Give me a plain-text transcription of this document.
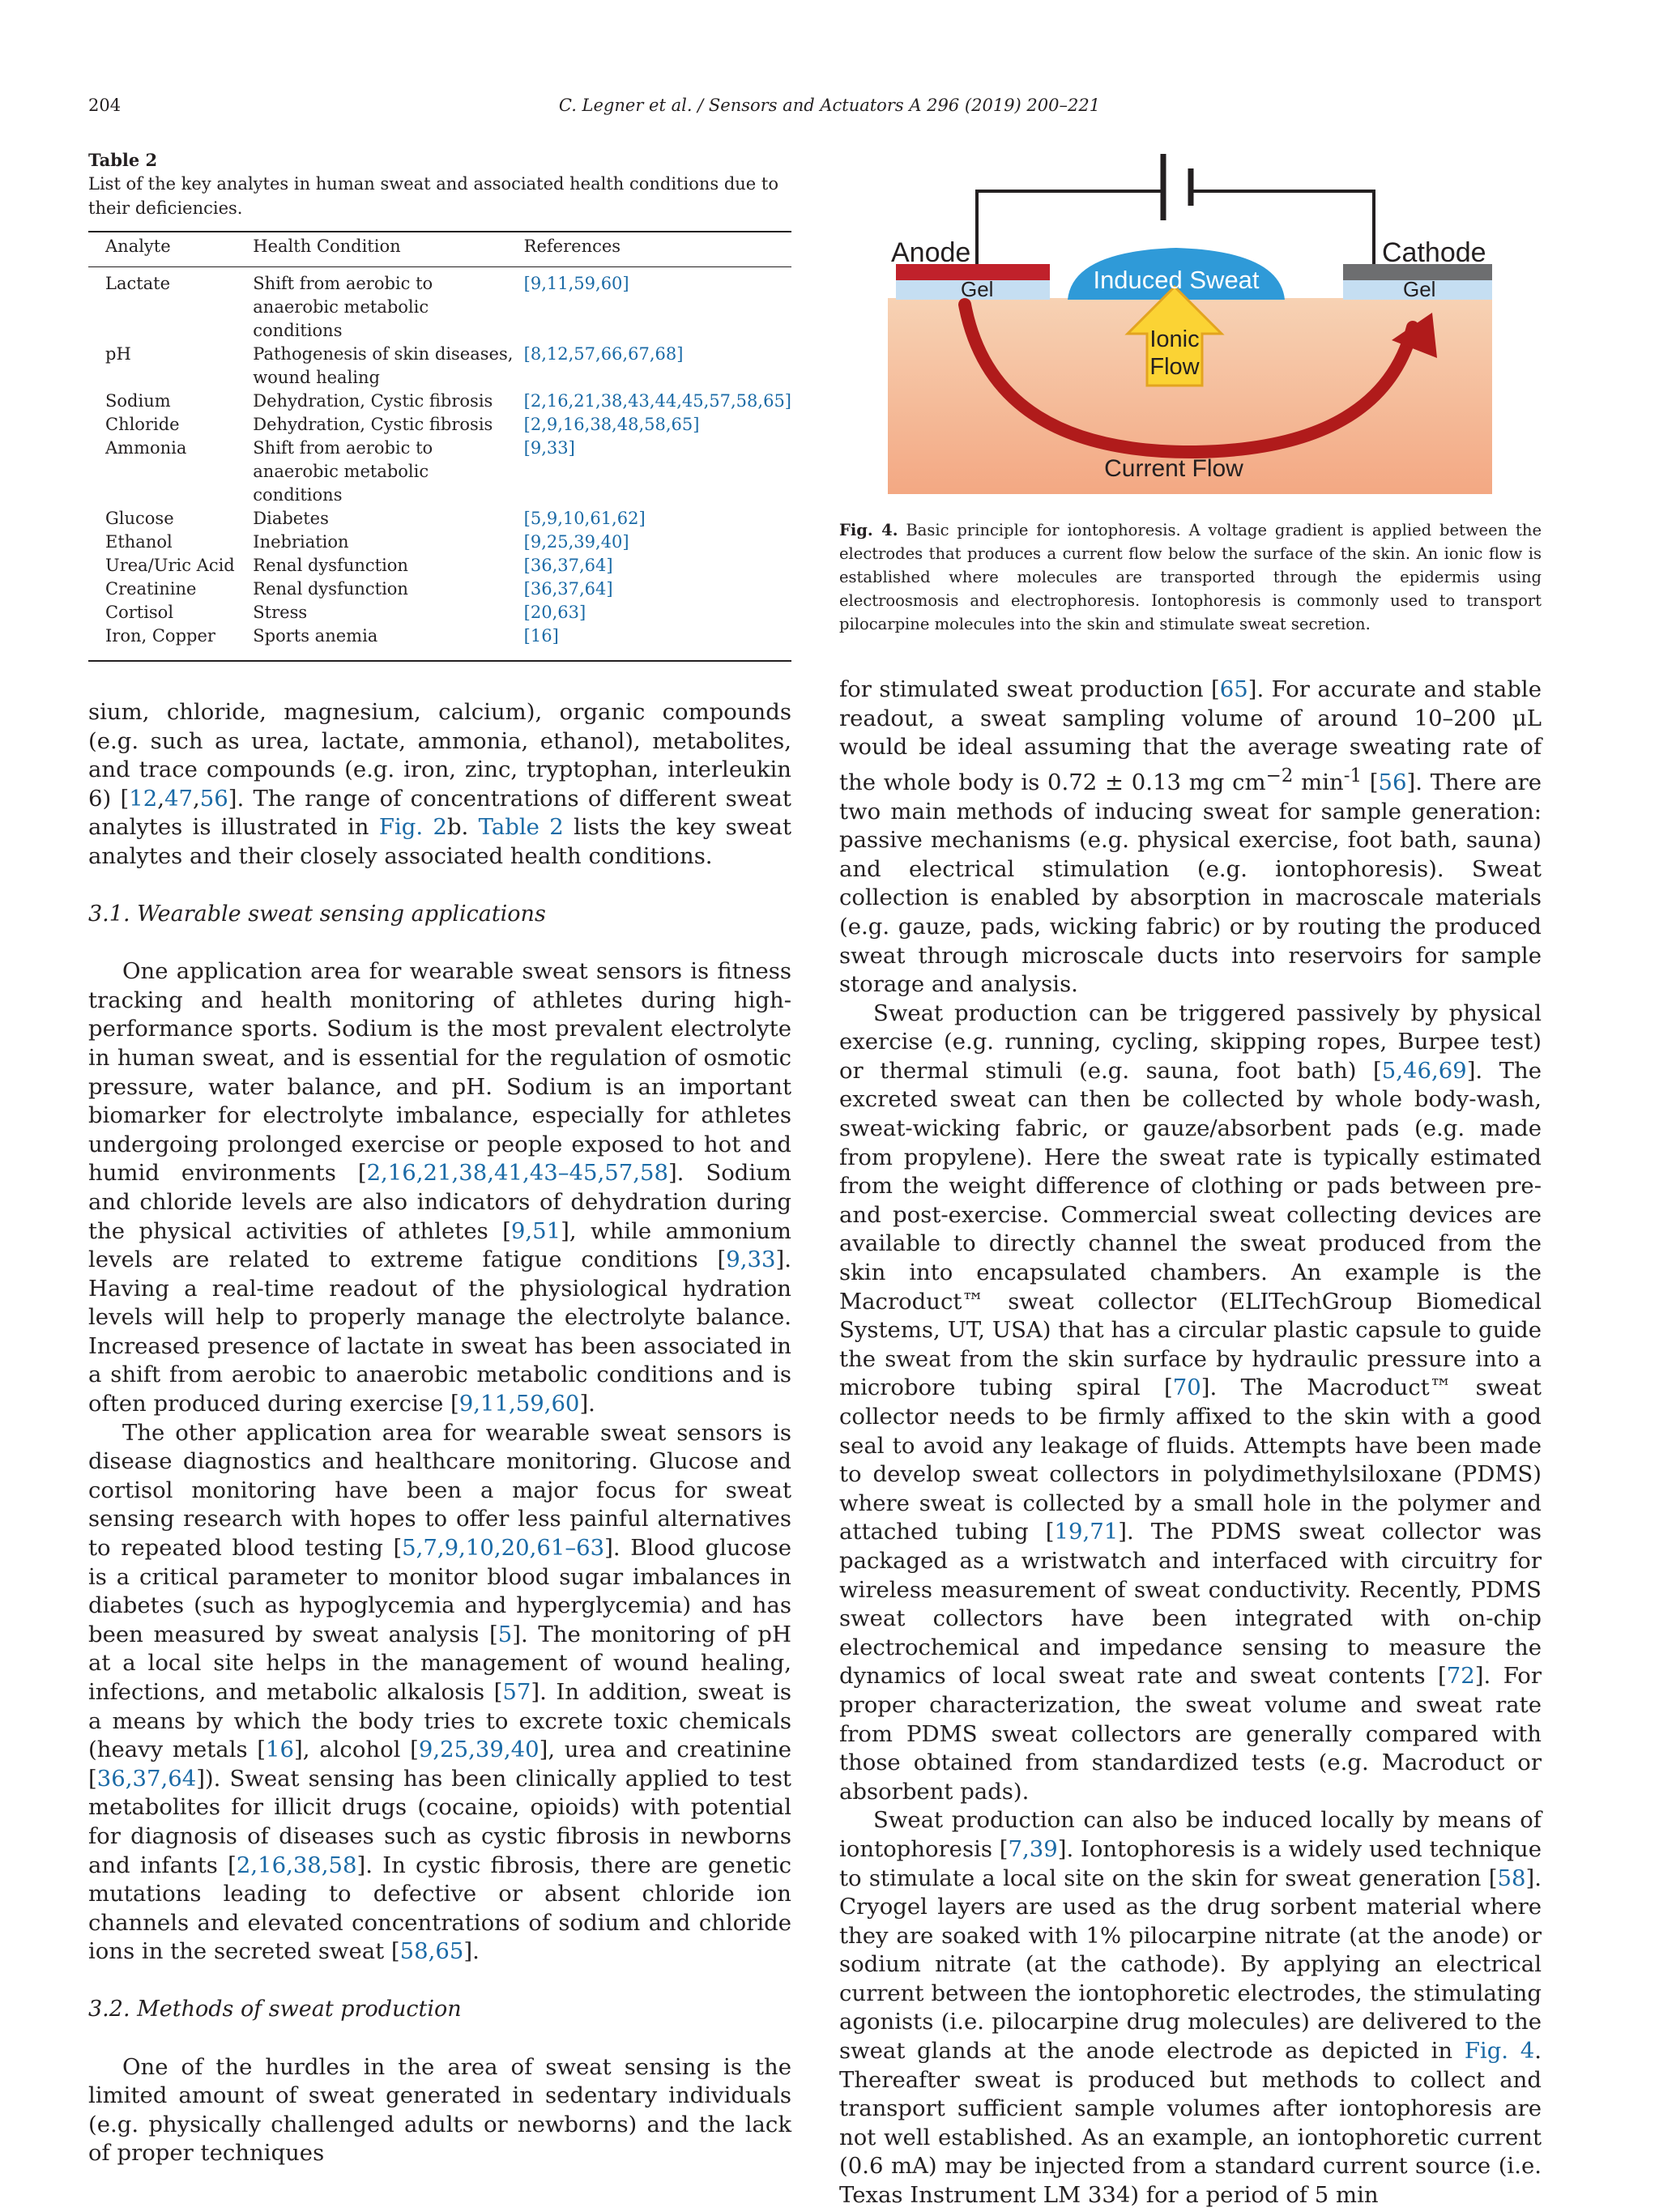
204	C. Legner et al. / Sensors and Actuators A 296 (2019) 200–221
Table 2
List of the key analytes in human sweat and associated health conditions due to their deficiencies.
Analyte	Health Condition	References
Lactate	Shift from aerobic to anaerobic metabolic conditions	[9,11,59,60]
pH	Pathogenesis of skin diseases, wound healing	[8,12,57,66,67,68]
Sodium	Dehydration, Cystic fibrosis	[2,16,21,38,43,44,45,57,58,65]
Chloride	Dehydration, Cystic fibrosis	[2,9,16,38,48,58,65]
Ammonia	Shift from aerobic to anaerobic metabolic conditions	[9,33]
Glucose	Diabetes	[5,9,10,61,62]
Ethanol	Inebriation	[9,25,39,40]
Urea/Uric Acid	Renal dysfunction	[36,37,64]
Creatinine	Renal dysfunction	[36,37,64]
Cortisol	Stress	[20,63]
Iron, Copper	Sports anemia	[16]
Anode	Cathode
Gel	Gel
Induced Sweat
Ionic
Flow
Current Flow
Fig. 4. Basic principle for iontophoresis. A voltage gradient is applied between the electrodes that produces a current flow below the surface of the skin. An ionic flow is established where molecules are transported through the epidermis using electroosmosis and electrophoresis. Iontophoresis is commonly used to transport pilocarpine molecules into the skin and stimulate sweat secretion.

sium, chloride, magnesium, calcium), organic compounds (e.g. such as urea, lactate, ammonia, ethanol), metabolites, and trace compounds (e.g. iron, zinc, tryptophan, interleukin 6) [12,47,56]. The range of concentrations of different sweat analytes is illustrated in Fig. 2b. Table 2 lists the key sweat analytes and their closely associated health conditions.

3.1. Wearable sweat sensing applications

One application area for wearable sweat sensors is fitness tracking and health monitoring of athletes during high-performance sports. Sodium is the most prevalent electrolyte in human sweat, and is essential for the regulation of osmotic pressure, water balance, and pH. Sodium is an important biomarker for electrolyte imbalance, especially for athletes undergoing prolonged exercise or people exposed to hot and humid environments [2,16,21,38,41,43–45,57,58]. Sodium and chloride levels are also indicators of dehydration during the physical activities of athletes [9,51], while ammonium levels are related to extreme fatigue conditions [9,33]. Having a real-time readout of the physiological hydration levels will help to properly manage the electrolyte balance. Increased presence of lactate in sweat has been associated in a shift from aerobic to anaerobic metabolic conditions and is often produced during exercise [9,11,59,60].

The other application area for wearable sweat sensors is disease diagnostics and healthcare monitoring. Glucose and cortisol monitoring have been a major focus for sweat sensing research with hopes to offer less painful alternatives to repeated blood testing [5,7,9,10,20,61–63]. Blood glucose is a critical parameter to monitor blood sugar imbalances in diabetes (such as hypoglycemia and hyperglycemia) and has been measured by sweat analysis [5]. The monitoring of pH at a local site helps in the management of wound healing, infections, and metabolic alkalosis [57]. In addition, sweat is a means by which the body tries to excrete toxic chemicals (heavy metals [16], alcohol [9,25,39,40], urea and creatinine [36,37,64]). Sweat sensing has been clinically applied to test metabolites for illicit drugs (cocaine, opioids) with potential for diagnosis of diseases such as cystic fibrosis in newborns and infants [2,16,38,58]. In cystic fibrosis, there are genetic mutations leading to defective or absent chloride ion channels and elevated concentrations of sodium and chloride ions in the secreted sweat [58,65].

3.2. Methods of sweat production

One of the hurdles in the area of sweat sensing is the limited amount of sweat generated in sedentary individuals (e.g. physically challenged adults or newborns) and the lack of proper techniques

for stimulated sweat production [65]. For accurate and stable readout, a sweat sampling volume of around 10–200 μL would be ideal assuming that the average sweating rate of the whole body is 0.72 ± 0.13 mg $cm^{-2}$ $\min^{-1} [56]$. There are two main methods of inducing sweat for sample generation: passive mechanisms (e.g. physical exercise, foot bath, sauna) and electrical stimulation (e.g. iontophoresis). Sweat collection is enabled by absorption in macroscale materials (e.g. gauze, pads, wicking fabric) or by routing the produced sweat through microscale ducts into reservoirs for sample storage and analysis.

Sweat production can be triggered passively by physical exercise (e.g. running, cycling, skipping ropes, Burpee test) or thermal stimuli (e.g. sauna, foot bath) [5,46,69]. The excreted sweat can then be collected by whole body-wash, sweat-wicking fabric, or gauze/absorbent pads (e.g. made from propylene). Here the sweat rate is typically estimated from the weight difference of clothing or pads between pre- and post-exercise. Commercial sweat collecting devices are available to directly channel the sweat produced from the skin into encapsulated chambers. An example is the Macroduct™ sweat collector (ELITechGroup Biomedical Systems, UT, USA) that has a circular plastic capsule to guide the sweat from the skin surface by hydraulic pressure into a microbore tubing spiral [70]. The Macroduct™ sweat collector needs to be firmly affixed to the skin with a good seal to avoid any leakage of fluids. Attempts have been made to develop sweat collectors in polydimethylsiloxane (PDMS) where sweat is collected by a small hole in the polymer and attached tubing [19,71]. The PDMS sweat collector was packaged as a wristwatch and interfaced with circuitry for wireless measurement of sweat conductivity. Recently, PDMS sweat collectors have been integrated with on-chip electrochemical and impedance sensing to measure the dynamics of local sweat rate and sweat contents [72]. For proper characterization, the sweat volume and sweat rate from PDMS sweat collectors are generally compared with those obtained from standardized tests (e.g. Macroduct or absorbent pads).

Sweat production can also be induced locally by means of iontophoresis [7,39]. Iontophoresis is a widely used technique to stimulate a local site on the skin for sweat generation [58]. Cryogel layers are used as the drug sorbent material where they are soaked with 1% pilocarpine nitrate (at the anode) or sodium nitrate (at the cathode). By applying an electrical current between the iontophoretic electrodes, the stimulating agonists (i.e. pilocarpine drug molecules) are delivered to the sweat glands at the anode electrode as depicted in Fig. 4. Thereafter sweat is produced but methods to collect and transport sufficient sample volumes after iontophoresis are not well established. As an example, an iontophoretic current (0.6 mA) may be injected from a standard current source (i.e. Texas Instrument LM 334) for a period of 5 min
